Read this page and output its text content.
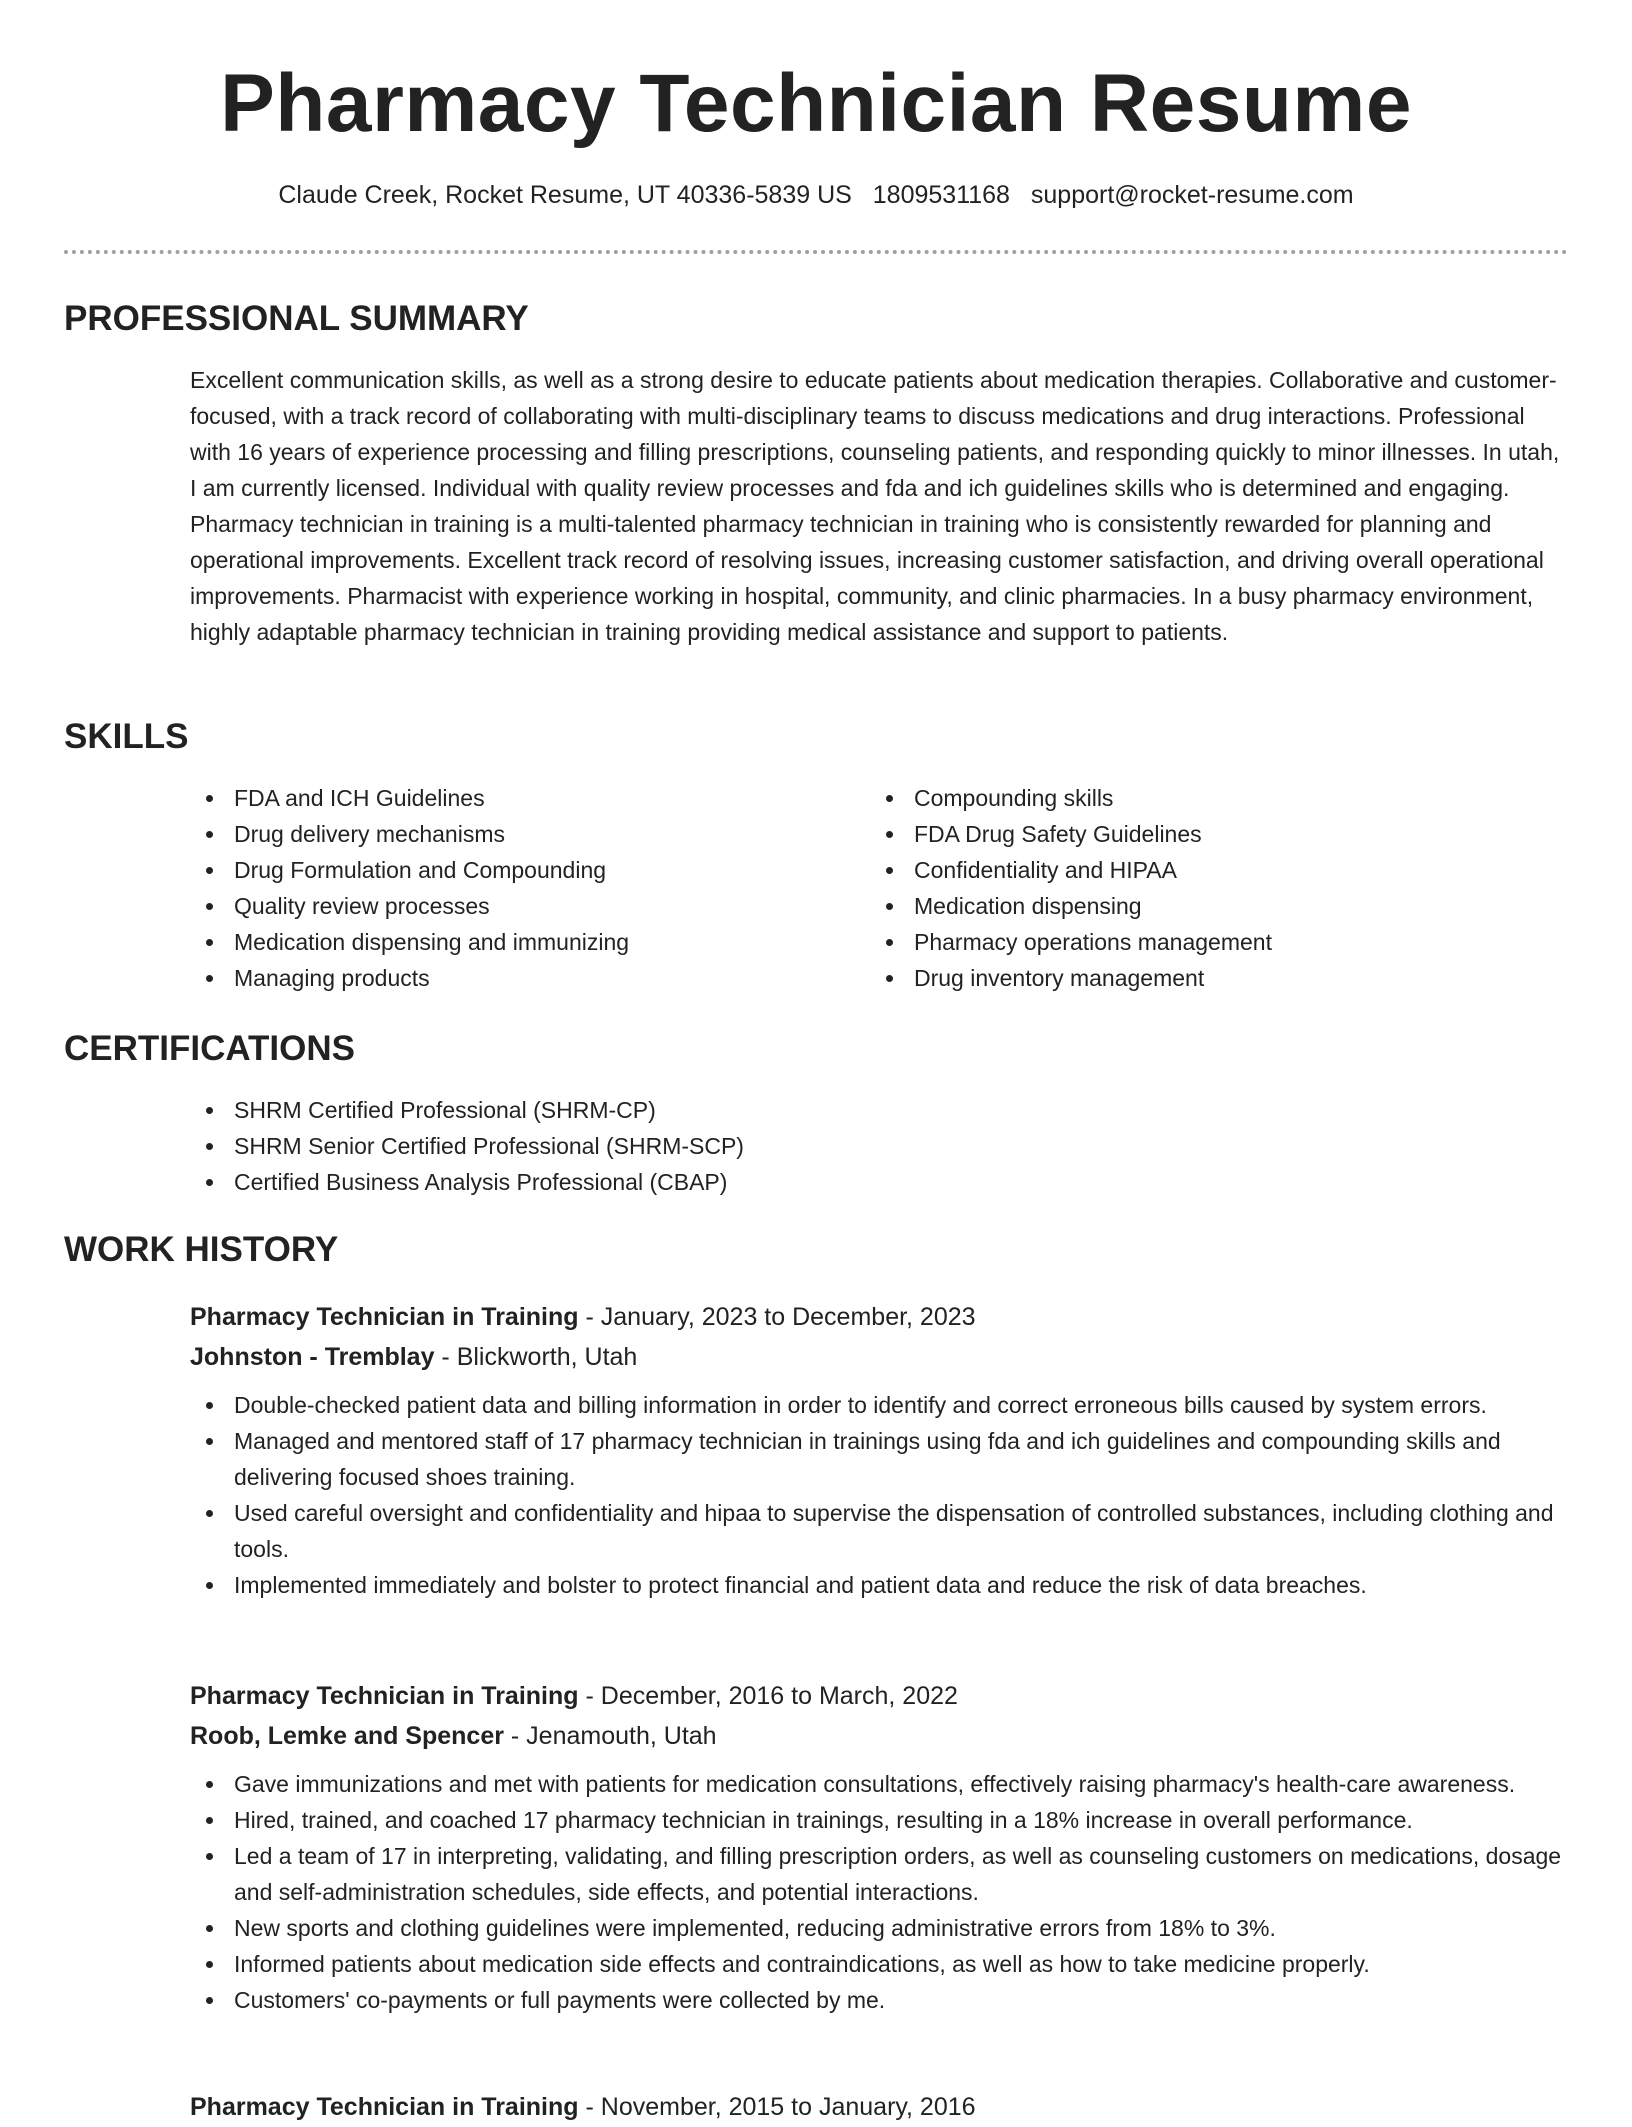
Pharmacy Technician Resume
Claude Creek, Rocket Resume, UT 40336-5839 US 1809531168 support@rocket-resume.com
PROFESSIONAL SUMMARY

Excellent communication skills, as well as a strong desire to educate patients about medication therapies. Collaborative and customer-focused, with a track record of collaborating with multi-disciplinary teams to discuss medications and drug interactions. Professional with 16 years of experience processing and filling prescriptions, counseling patients, and responding quickly to minor illnesses. In utah, I am currently licensed. Individual with quality review processes and fda and ich guidelines skills who is determined and engaging. Pharmacy technician in training is a multi-talented pharmacy technician in training who is consistently rewarded for planning and operational improvements. Excellent track record of resolving issues, increasing customer satisfaction, and driving overall operational improvements. Pharmacist with experience working in hospital, community, and clinic pharmacies. In a busy pharmacy environment, highly adaptable pharmacy technician in training providing medical assistance and support to patients.

SKILLS
FDA and ICH Guidelines
Drug delivery mechanisms
Drug Formulation and Compounding
Quality review processes
Medication dispensing and immunizing
Managing products
Compounding skills
FDA Drug Safety Guidelines
Confidentiality and HIPAA
Medication dispensing
Pharmacy operations management
Drug inventory management
CERTIFICATIONS
SHRM Certified Professional (SHRM-CP)
SHRM Senior Certified Professional (SHRM-SCP)
Certified Business Analysis Professional (CBAP)
WORK HISTORY
Pharmacy Technician in Training - January, 2023 to December, 2023
Johnston - Tremblay - Blickworth, Utah
Double-checked patient data and billing information in order to identify and correct erroneous bills caused by system errors.
Managed and mentored staff of 17 pharmacy technician in trainings using fda and ich guidelines and compounding skills and delivering focused shoes training.
Used careful oversight and confidentiality and hipaa to supervise the dispensation of controlled substances, including clothing and tools.
Implemented immediately and bolster to protect financial and patient data and reduce the risk of data breaches.
Pharmacy Technician in Training - December, 2016 to March, 2022
Roob, Lemke and Spencer - Jenamouth, Utah
Gave immunizations and met with patients for medication consultations, effectively raising pharmacy's health-care awareness.
Hired, trained, and coached 17 pharmacy technician in trainings, resulting in a 18% increase in overall performance.
Led a team of 17 in interpreting, validating, and filling prescription orders, as well as counseling customers on medications, dosage and self-administration schedules, side effects, and potential interactions.
New sports and clothing guidelines were implemented, reducing administrative errors from 18% to 3%.
Informed patients about medication side effects and contraindications, as well as how to take medicine properly.
Customers' co-payments or full payments were collected by me.
Pharmacy Technician in Training - November, 2015 to January, 2016
